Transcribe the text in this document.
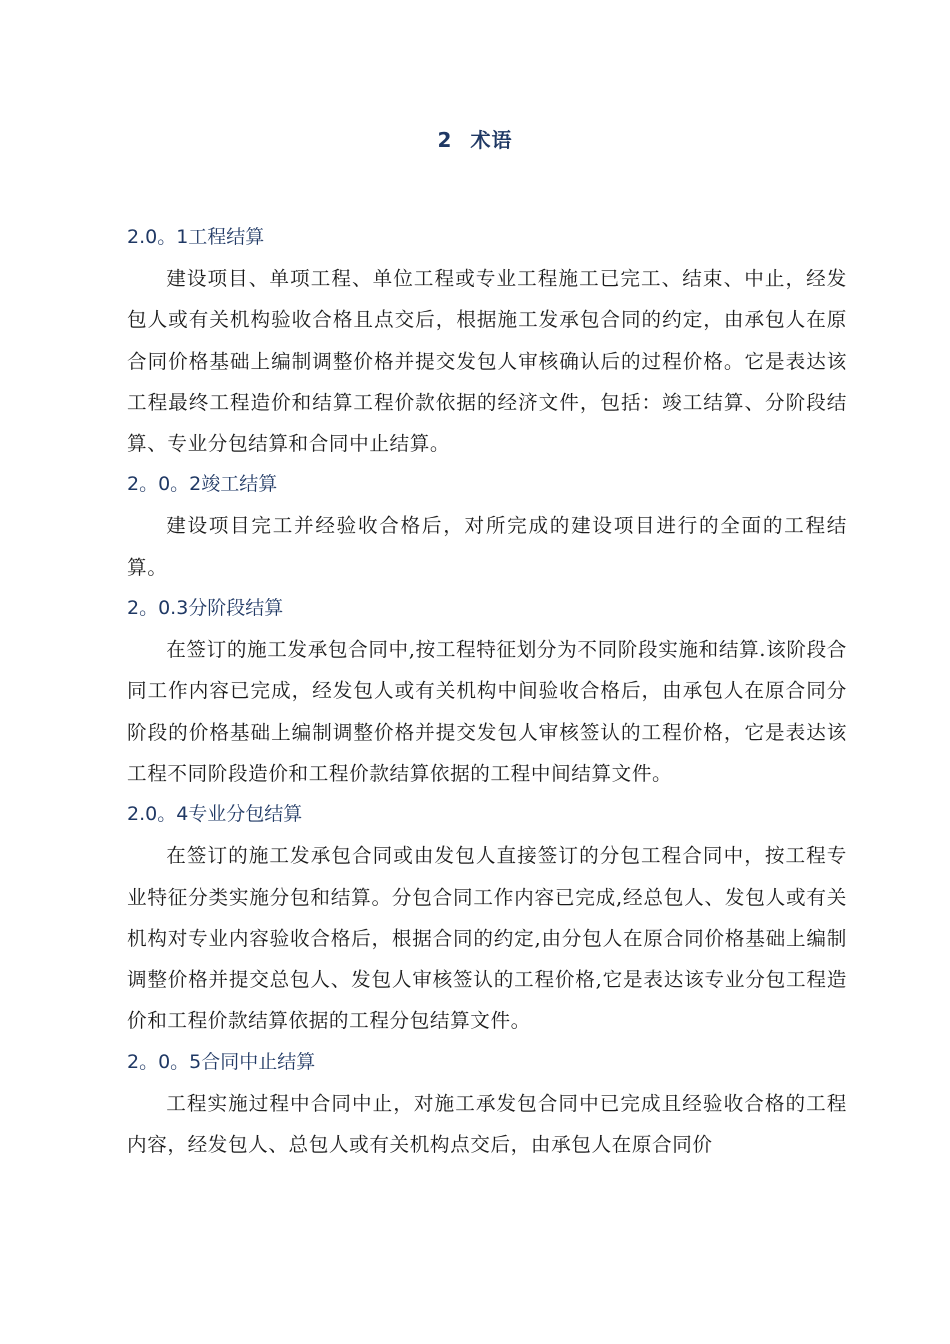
2 术语
2.0。1工程结算
建设项目、单项工程、单位工程或专业工程施工已完工、结束、中止，经发包人或有关机构验收合格且点交后，根据施工发承包合同的约定，由承包人在原合同价格基础上编制调整价格并提交发包人审核确认后的过程价格。它是表达该工程最终工程造价和结算工程价款依据的经济文件，包括：竣工结算、分阶段结算、专业分包结算和合同中止结算。
2。0。2竣工结算
建设项目完工并经验收合格后，对所完成的建设项目进行的全面的工程结算。
2。0.3分阶段结算
在签订的施工发承包合同中,按工程特征划分为不同阶段实施和结算.该阶段合同工作内容已完成，经发包人或有关机构中间验收合格后，由承包人在原合同分阶段的价格基础上编制调整价格并提交发包人审核签认的工程价格，它是表达该工程不同阶段造价和工程价款结算依据的工程中间结算文件。
2.0。4专业分包结算
在签订的施工发承包合同或由发包人直接签订的分包工程合同中，按工程专业特征分类实施分包和结算。分包合同工作内容已完成,经总包人、发包人或有关机构对专业内容验收合格后，根据合同的约定,由分包人在原合同价格基础上编制调整价格并提交总包人、发包人审核签认的工程价格,它是表达该专业分包工程造价和工程价款结算依据的工程分包结算文件。
2。0。5合同中止结算
工程实施过程中合同中止，对施工承发包合同中已完成且经验收合格的工程内容，经发包人、总包人或有关机构点交后，由承包人在原合同价
